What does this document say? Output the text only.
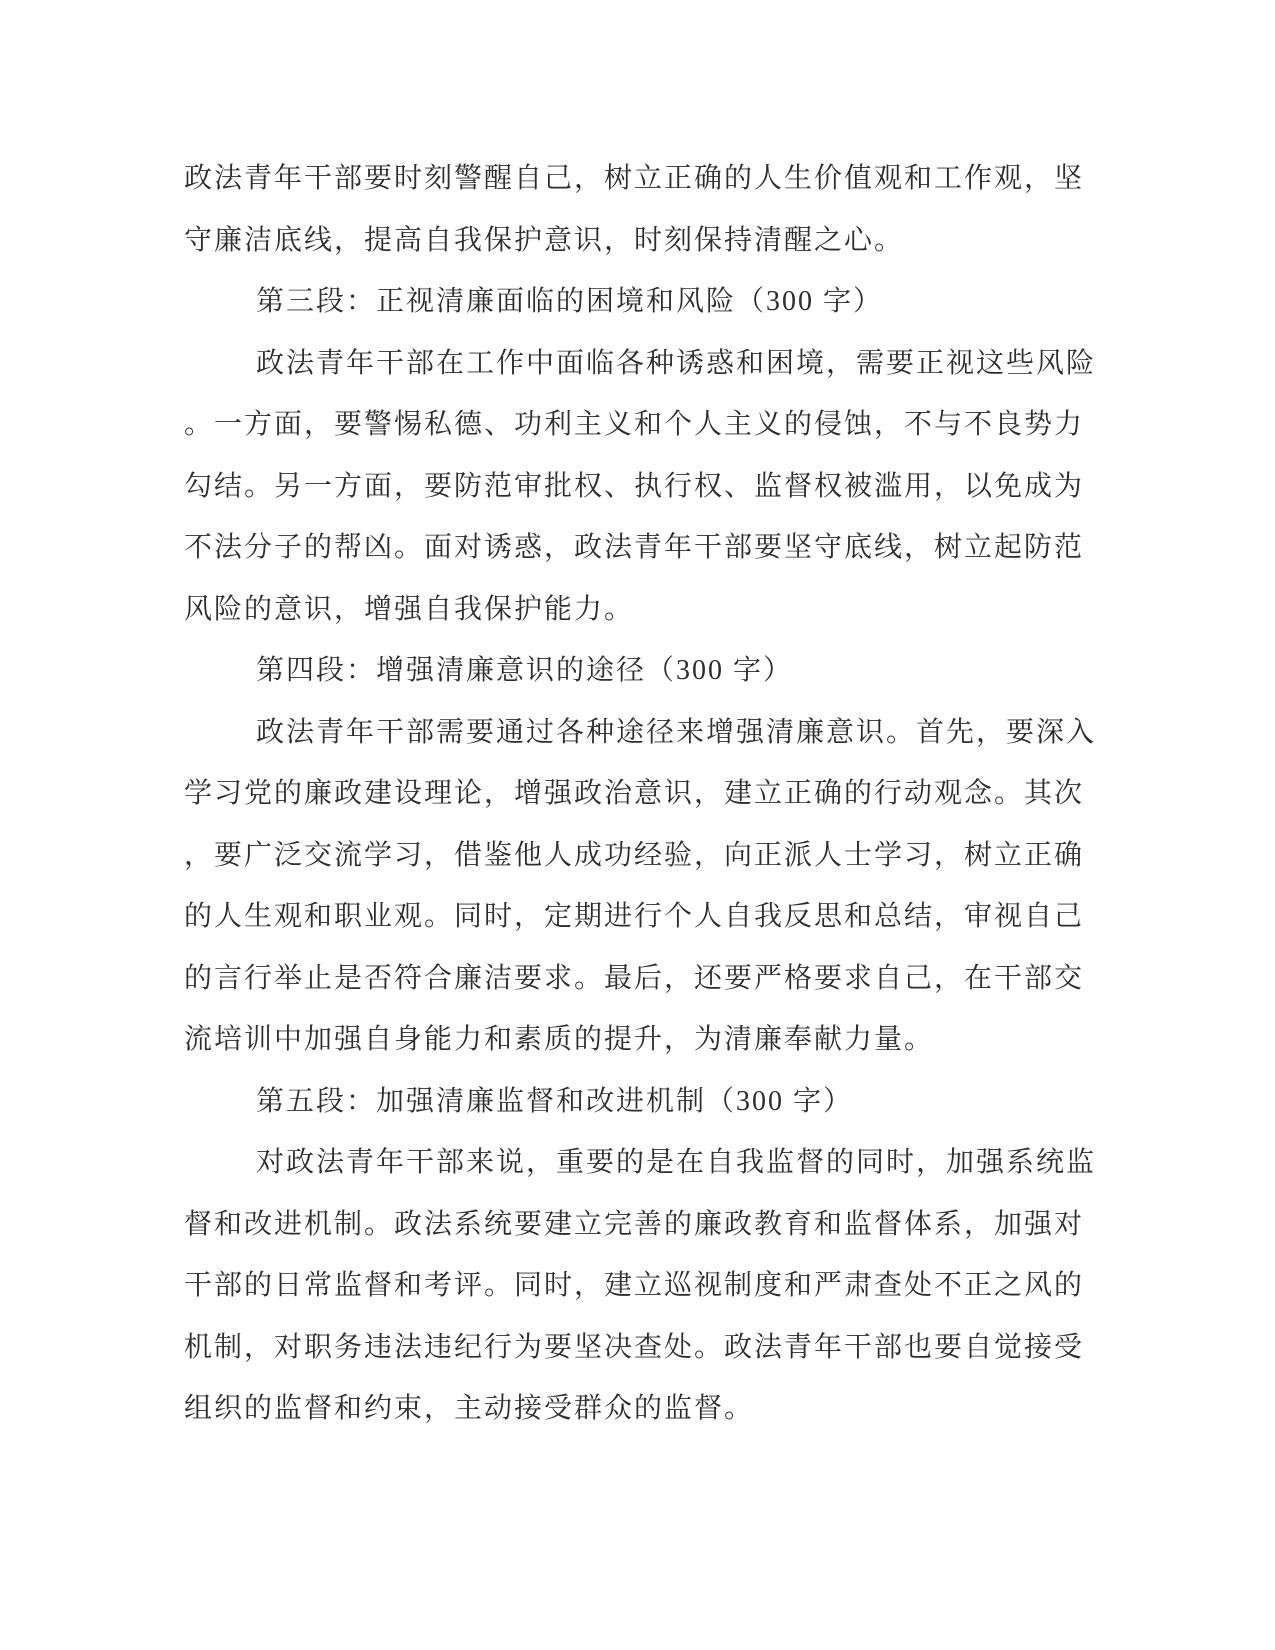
政法青年干部要时刻警醒自己，树立正确的人生价值观和工作观，坚
守廉洁底线，提高自我保护意识，时刻保持清醒之心。
第三段：正视清廉面临的困境和风险（300 字）
政法青年干部在工作中面临各种诱惑和困境，需要正视这些风险
。一方面，要警惕私德、功利主义和个人主义的侵蚀，不与不良势力
勾结。另一方面，要防范审批权、执行权、监督权被滥用，以免成为
不法分子的帮凶。面对诱惑，政法青年干部要坚守底线，树立起防范
风险的意识，增强自我保护能力。
第四段：增强清廉意识的途径（300 字）
政法青年干部需要通过各种途径来增强清廉意识。首先，要深入
学习党的廉政建设理论，增强政治意识，建立正确的行动观念。其次
，要广泛交流学习，借鉴他人成功经验，向正派人士学习，树立正确
的人生观和职业观。同时，定期进行个人自我反思和总结，审视自己
的言行举止是否符合廉洁要求。最后，还要严格要求自己，在干部交
流培训中加强自身能力和素质的提升，为清廉奉献力量。
第五段：加强清廉监督和改进机制（300 字）
对政法青年干部来说，重要的是在自我监督的同时，加强系统监
督和改进机制。政法系统要建立完善的廉政教育和监督体系，加强对
干部的日常监督和考评。同时，建立巡视制度和严肃查处不正之风的
机制，对职务违法违纪行为要坚决查处。政法青年干部也要自觉接受
组织的监督和约束，主动接受群众的监督。
